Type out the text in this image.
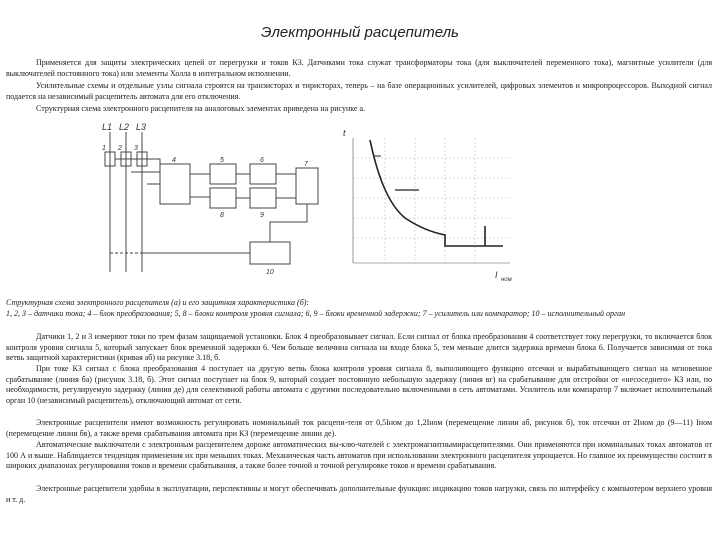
Электронный расцепитель

Применяется для защиты электрических цепей от перегрузки и токов КЗ. Датчиками тока служат трансформаторы тока (для выключателей переменного тока), магнитные усилители (для выключателей постоянного тока) или элементы Холла в интегральном исполнении.

Усилительные схемы и отдельные узлы сигнала строятся на транзисторах и тиристорах, теперь – на базе операционных усилителей, цифровых элементов и микропроцессоров. Выходной сигнал подается на независимый расцепитель автомата для его отключения.

Структурная схема электронного расцепителя на аналоговых элементах приведена на рисунке а.

L1 L2 L3
1 2 3
4	5	6
8	9
7
10
t
I ном

Структурная схема электронного расцепителя (а) и его защитная характеристика (б):

1, 2, 3 – датчики тока; 4 – блок преобразования; 5, 8 – блоки контроля уровня сигнала; 6, 9 – блоки временной задержки; 7 – усилитель или компаратор; 10 – исполнительный орган

Датчики 1, 2 и 3 измеряют токи по трем фазам защищаемой установки. Блок 4 преобразовывает сигнал. Если сигнал от блока преобразования 4 соответствует току перегрузки, то включается блок контроля уровня сигнала 5, который запускает блок временной задержки 6. Чем больше величина сигнала на входе блока 5, тем меньше длится задержка времени блока 6. Получается зависимая от тока ветвь защитной характеристики (кривая аб) на рисунке 3.18, б.

При токе КЗ сигнал с блока преобразования 4 поступает на другую ветвь блока контроля уровня сигнала 8, выполняющего функцию отсечки и вырабатывающего сигнал на мгновенное срабатывание (линия ба) (рисунок 3.18, б). Этот сигнал поступает на блок 9, который создает постоянную небольшую задержку (линия вг) на срабатывание для отстройки от «несоседнего» КЗ или, по необходимости, регулируемую задержку (линия де) для селективной работы автомата с другими последовательно включенными в сеть автоматами. Усилитель или компаратор 7 включает исполнительный орган 10 (независимый расцепитель), отключающий автомат от сети.

Электронные расцепители имеют возможность регулировать номинальный ток расцепи-теля от 0,5Iном до 1,2Iном (перемещение линии аб, рисунок б), ток отсечки от 2Iном до (9—11) Iном (перемещение линии бв), а также время срабатывания автомата при КЗ (перемещение линии де).

Автоматические выключатели с электронным расцепителем дороже автоматических вы-клю-чателей с электромагнитнымирасцепителями. Они применяются при номинальных токах автоматов от 100 А и выше. Наблюдается тенденция применения их при меньших токах. Механическая часть автоматов при использовании электронного расцепителя упрощается. Но главное их преимущество состоит в широких диапазонах регулирования токов и времени срабатывания, а также более точной и точной регулировке токов и времени срабатывания.

Электронные расцепители удобны в эксплуатации, перспективны и могут обеспечивать дополнительные функции: индикацию токов нагрузки, связь по интерфейсу с компьютером верхнего уровня и т. д.
